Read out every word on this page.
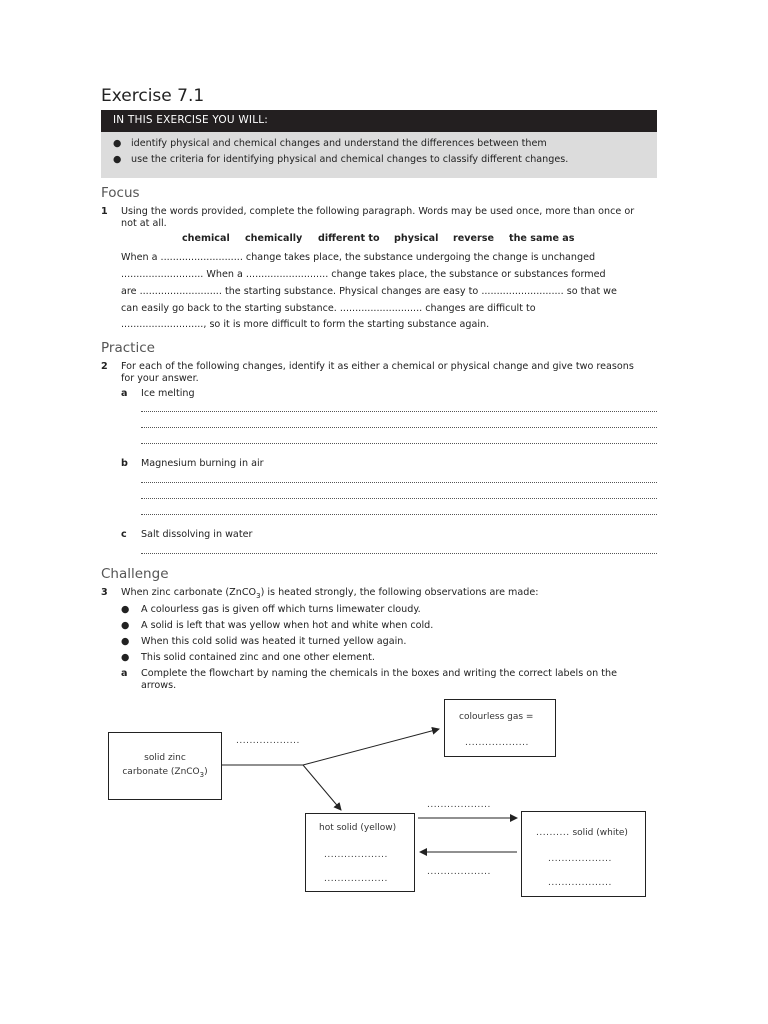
Exercise 7.1
IN THIS EXERCISE YOU WILL:
● identify physical and chemical changes and understand the differences between them
● use the criteria for identifying physical and chemical changes to classify different changes.
Focus
1 Using the words provided, complete the following paragraph. Words may be used once, more than once or
not at all.
chemical chemically different to physical reverse the same as
When a ........................... change takes place, the substance undergoing the change is unchanged
........................... When a ........................... change takes place, the substance or substances formed
are ........................... the starting substance. Physical changes are easy to ........................... so that we
can easily go back to the starting substance. ........................... changes are difficult to
..........................., so it is more difficult to form the starting substance again.
Practice
2 For each of the following changes, identify it as either a chemical or physical change and give two reasons
for your answer.
a Ice melting
b Magnesium burning in air
c Salt dissolving in water
Challenge
3 When zinc carbonate (ZnCO$_3$) is heated strongly, the following observations are made:
● A colourless gas is given off which turns limewater cloudy.
● A solid is left that was yellow when hot and white when cold.
● When this cold solid was heated it turned yellow again.
● This solid contained zinc and one other element.
a Complete the flowchart by naming the chemicals in the boxes and writing the correct labels on the
arrows.
solid zinc
carbonate (ZnCO$_3$)
...................
colourless gas =
...................
hot solid (yellow)
...................
...................
...................
...................
.......... solid (white)
...................
...................
